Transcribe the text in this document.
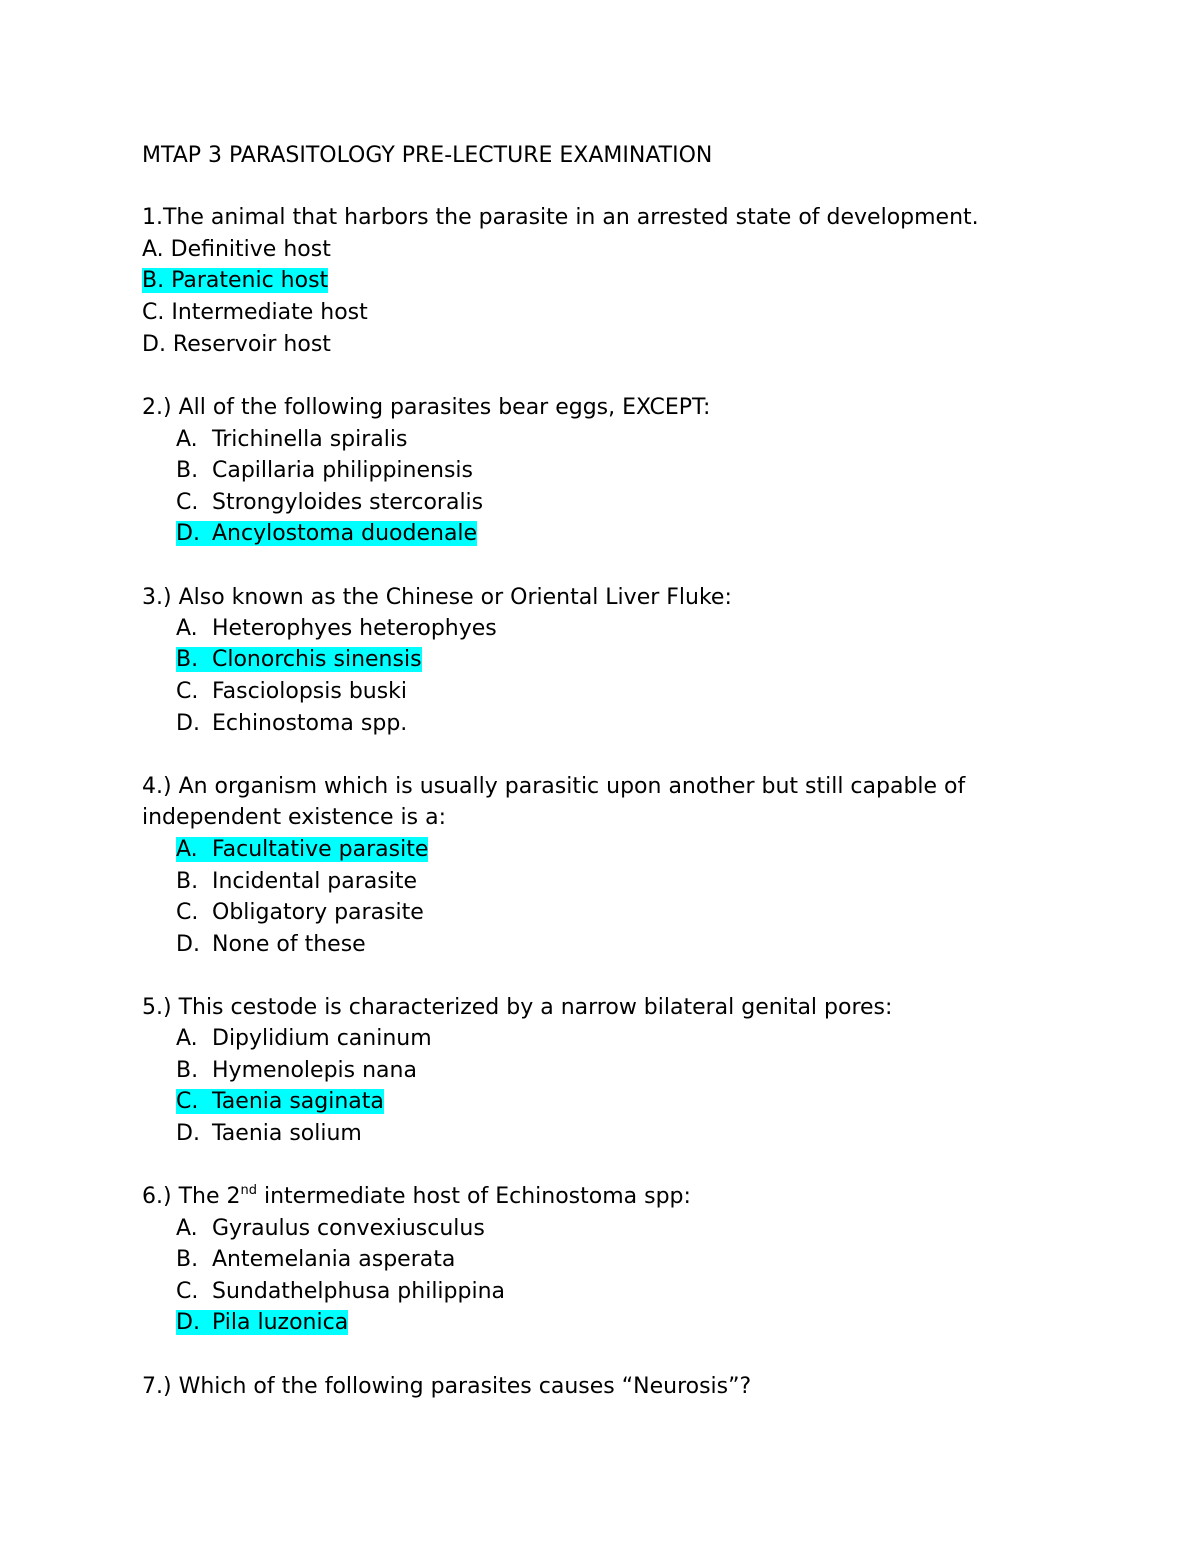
MTAP 3 PARASITOLOGY PRE-LECTURE EXAMINATION
1.The animal that harbors the parasite in an arrested state of development.
A. Definitive host
B. Paratenic host
C. Intermediate host
D. Reservoir host
2.) All of the following parasites bear eggs, EXCEPT:
A. Trichinella spiralis
B. Capillaria philippinensis
C. Strongyloides stercoralis
D. Ancylostoma duodenale
3.) Also known as the Chinese or Oriental Liver Fluke:
A. Heterophyes heterophyes
B. Clonorchis sinensis
C. Fasciolopsis buski
D. Echinostoma spp.
4.) An organism which is usually parasitic upon another but still capable of
independent existence is a:
A. Facultative parasite
B. Incidental parasite
C. Obligatory parasite
D. None of these
5.) This cestode is characterized by a narrow bilateral genital pores:
A. Dipylidium caninum
B. Hymenolepis nana
C. Taenia saginata
D. Taenia solium
6.) The 2nd intermediate host of Echinostoma spp:
A. Gyraulus convexiusculus
B. Antemelania asperata
C. Sundathelphusa philippina
D. Pila luzonica
7.) Which of the following parasites causes “Neurosis”?
